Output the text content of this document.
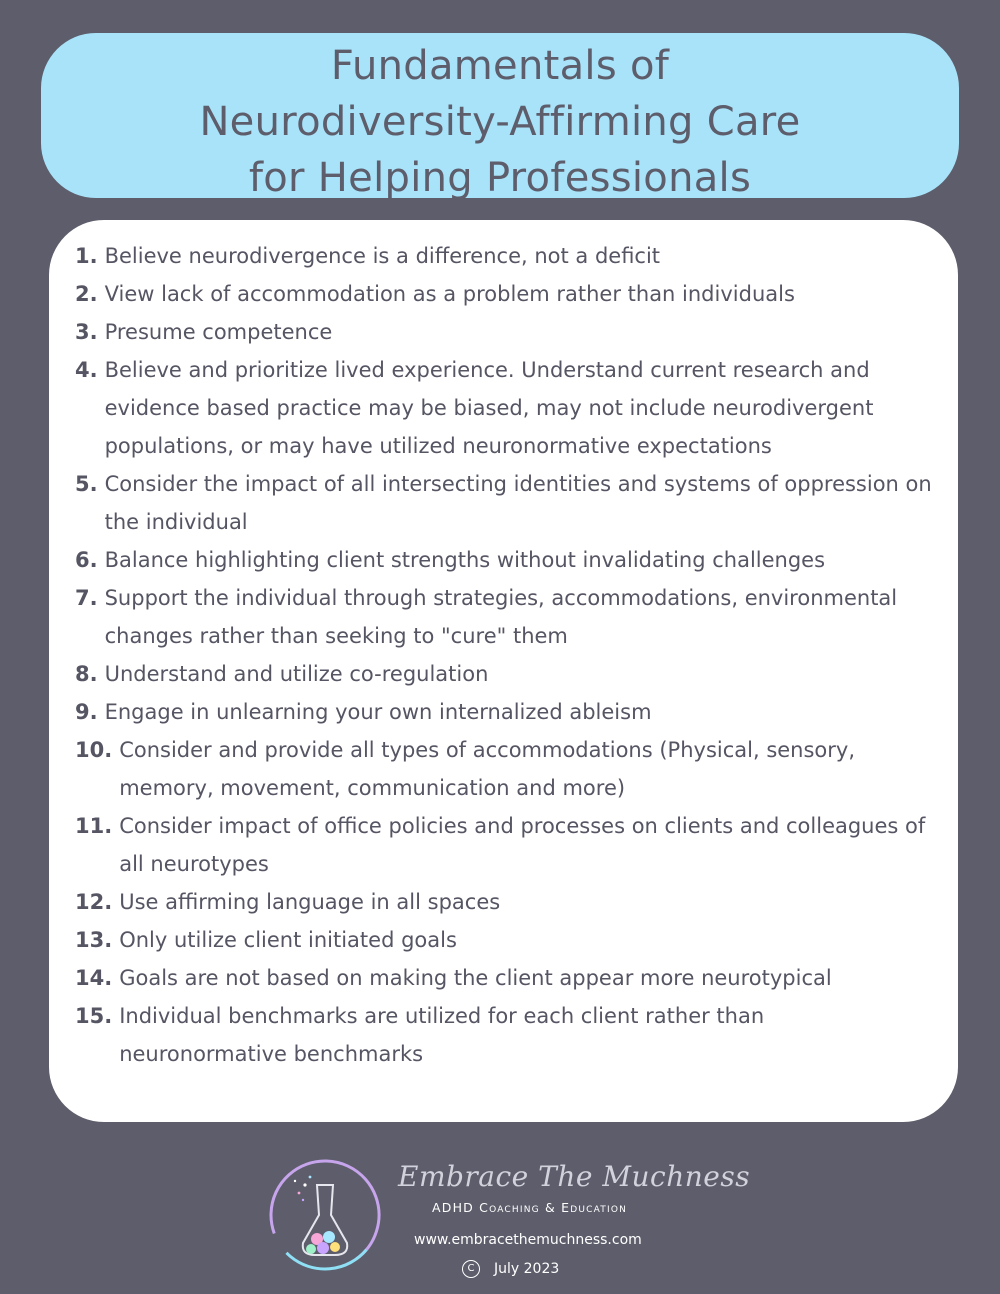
Fundamentals of
Neurodiversity-Affirming Care
for Helping Professionals
1. Believe neurodivergence is a difference, not a deficit
2. View lack of accommodation as a problem rather than individuals
3. Presume competence
4. Believe and prioritize lived experience. Understand current research and evidence based practice may be biased, may not include neurodivergent populations, or may have utilized neuronormative expectations
5. Consider the impact of all intersecting identities and systems of oppression on the individual
6. Balance highlighting client strengths without invalidating challenges
7. Support the individual through strategies, accommodations, environmental changes rather than seeking to "cure" them
8. Understand and utilize co-regulation
9. Engage in unlearning your own internalized ableism
10. Consider and provide all types of accommodations (Physical, sensory, memory, movement, communication and more)
11. Consider impact of office policies and processes on clients and colleagues of all neurotypes
12. Use affirming language in all spaces
13. Only utilize client initiated goals
14. Goals are not based on making the client appear more neurotypical
15. Individual benchmarks are utilized for each client rather than neuronormative benchmarks
Embrace The Muchness
ADHD Coaching & Education
www.embracethemuchness.com
C	July 2023
